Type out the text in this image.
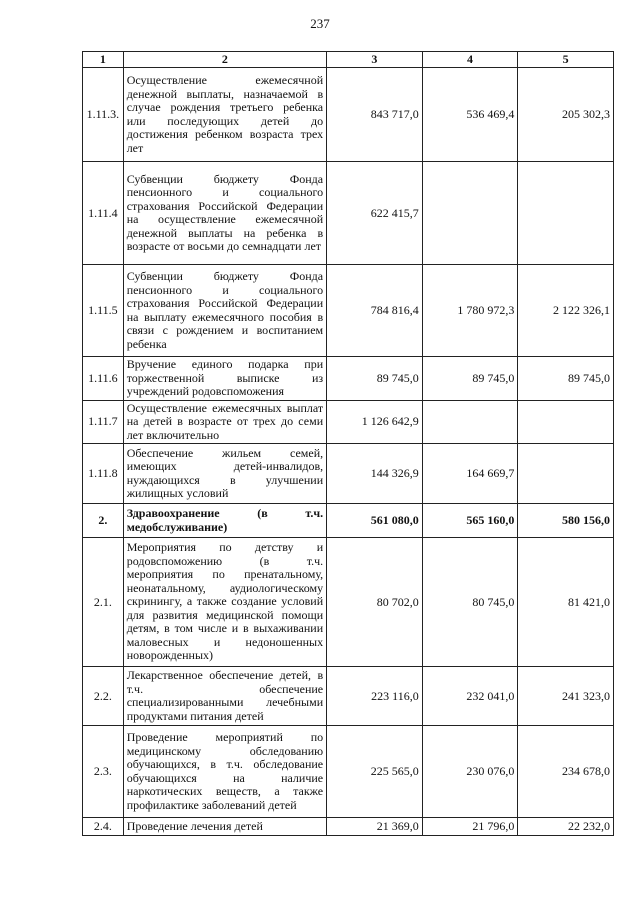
237
1	2	3	4	5
1.11.3.	Осуществление ежемесячной денежной выплаты, назначаемой в случае рождения третьего ребенка или последующих детей до достижения ребенком возраста трех лет	843 717,0	536 469,4	205 302,3
1.11.4	Субвенции бюджету Фонда пенсионного и социального страхования Российской Федерации на осуществление ежемесячной денежной выплаты на ребенка в возрасте от восьми до семнадцати лет	622 415,7		
1.11.5	Субвенции бюджету Фонда пенсионного и социального страхования Российской Федерации на выплату ежемесячного пособия в связи с рождением и воспитанием ребенка	784 816,4	1 780 972,3	2 122 326,1
1.11.6	Вручение единого подарка при торжественной выписке из учреждений родовспоможения	89 745,0	89 745,0	89 745,0
1.11.7	Осуществление ежемесячных выплат на детей в возрасте от трех до семи лет включительно	1 126 642,9		
1.11.8	Обеспечение жильем семей, имеющих детей-инвалидов, нуждающихся в улучшении жилищных условий	144 326,9	164 669,7	
2.	Здравоохранение (в т.ч. медобслуживание)	561 080,0	565 160,0	580 156,0
2.1.	Мероприятия по детству и родовспоможению (в т.ч. мероприятия по пренатальному, неонатальному, аудиологическому скринингу, а также создание условий для развития медицинской помощи детям, в том числе и в выхаживании маловесных и недоношенных новорожденных)	80 702,0	80 745,0	81 421,0
2.2.	Лекарственное обеспечение детей, в т.ч. обеспечение специализированными лечебными продуктами питания детей	223 116,0	232 041,0	241 323,0
2.3.	Проведение мероприятий по медицинскому обследованию обучающихся, в т.ч. обследование обучающихся на наличие наркотических веществ, а также профилактике заболеваний детей	225 565,0	230 076,0	234 678,0
2.4.	Проведение лечения детей	21 369,0	21 796,0	22 232,0
